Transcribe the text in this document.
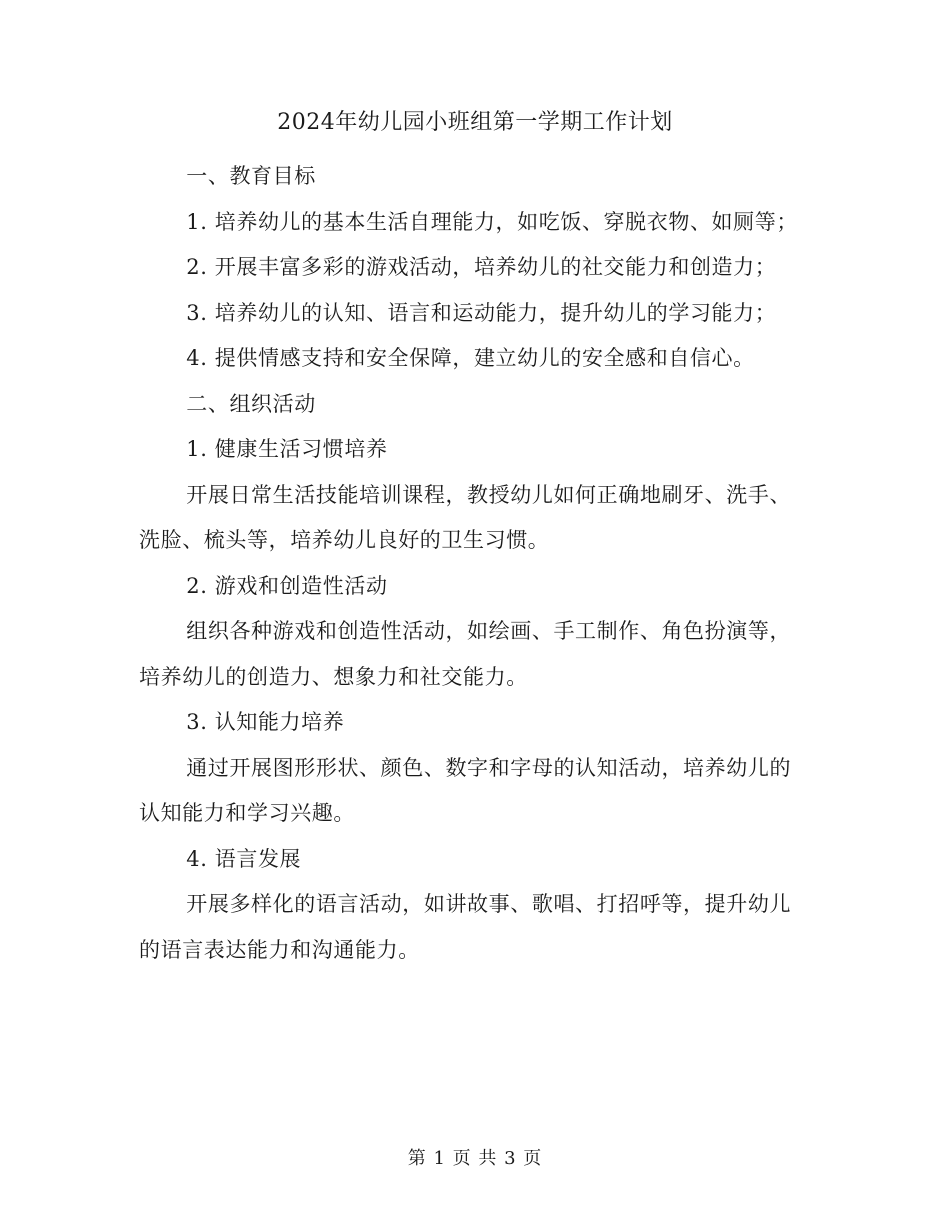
2024年幼儿园小班组第一学期工作计划

一、教育目标

1. 培养幼儿的基本生活自理能力，如吃饭、穿脱衣物、如厕等；

2. 开展丰富多彩的游戏活动，培养幼儿的社交能力和创造力；

3. 培养幼儿的认知、语言和运动能力，提升幼儿的学习能力；

4. 提供情感支持和安全保障，建立幼儿的安全感和自信心。

二、组织活动

1. 健康生活习惯培养

开展日常生活技能培训课程，教授幼儿如何正确地刷牙、洗手、洗脸、梳头等，培养幼儿良好的卫生习惯。

2. 游戏和创造性活动

组织各种游戏和创造性活动，如绘画、手工制作、角色扮演等，培养幼儿的创造力、想象力和社交能力。

3. 认知能力培养

通过开展图形形状、颜色、数字和字母的认知活动，培养幼儿的认知能力和学习兴趣。

4. 语言发展

开展多样化的语言活动，如讲故事、歌唱、打招呼等，提升幼儿的语言表达能力和沟通能力。

第 1 页 共 3 页
